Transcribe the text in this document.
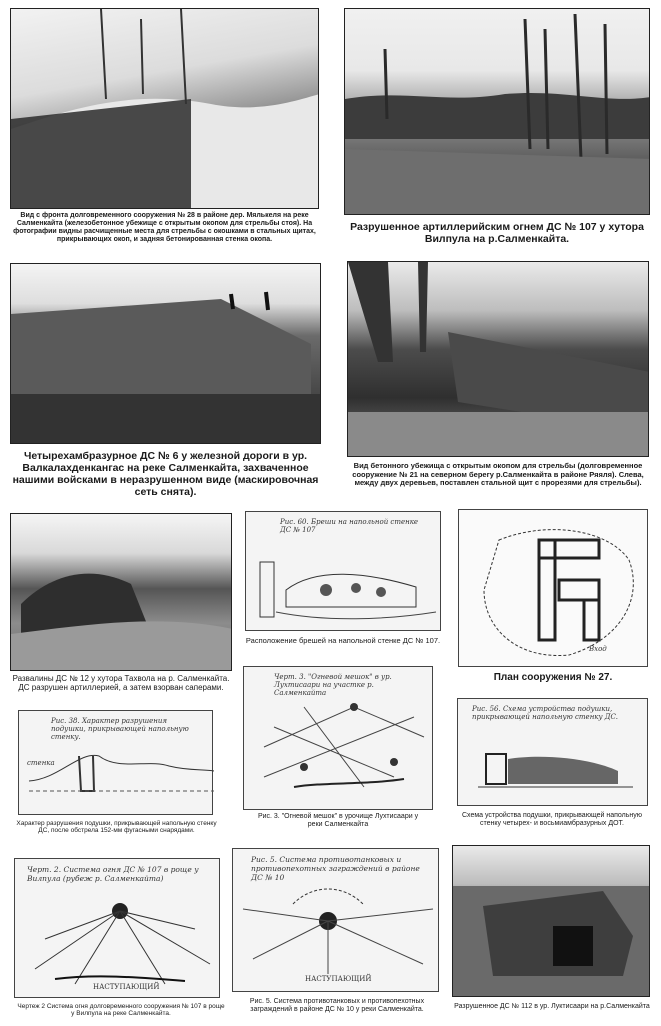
Вид с фронта долговременного сооружения № 28 в районе дер. Мялькеля на реке Салменкайта (железобетонное убежище с открытым окопом для стрельбы стоя). На фотографии видны расчищенные места для стрельбы с окошками в стальных щитах, прикрывающих окоп, и задняя бетонированная стенка окопа.
Разрушенное артиллерийским огнем ДС № 107 у хутора Вилпула на р.Салменкайта.
Четырехамбразурное ДС № 6 у железной дороги в ур. Валкалахденкангас на реке Салменкайта, захваченное нашими войсками в неразрушенном виде (маскировочная сеть снята).
Вид бетонного убежища с открытым окопом для стрельбы (долговременное сооружение № 21 на северном берегу р.Салменкайта в районе Ряяля). Слева, между двух деревьев, поставлен стальной щит с прорезями для стрельбы).
Рис. 60. Бреши на напольной стенке ДС № 107
Вход
Расположение брешей на напольной стенке ДС № 107.
План сооружения № 27.
Развалины ДС № 12 у хутора Тахвола на р. Салменкайта. ДС разрушен артиллерией, а затем взорван саперами.
Рис. 38. Характер разрушения подушки, прикрывающей напольную стенку.
стенка
Черт. 3. "Огневой мешок" в ур. Лухтисаари на участке р. Салменкайта
Рис. 56. Схема устройства подушки, прикрывающей напольную стенку ДС.
Характер разрушения подушки, прикрывающей напольную стенку ДС, после обстрела 152-мм фугасными снарядами.
Рис. 3. "Огневой мешок" в урочище Лухтисаари у реки Салменкайта
Схема устройства подушки, прикрывающей напольную стенку четырех- и восьмиамбразурных ДОТ.
Черт. 2. Система огня ДС № 107 в роще у Вилпула (рубеж р. Салменкайта)
НАСТУПАЮЩИЙ
Рис. 5. Система противотанковых и противопехотных заграждений в районе ДС № 10
НАСТУПАЮЩИЙ
Чертеж 2 Система огня долговременного сооружения № 107 в роще у Вилпула на реке Салменкайта.
Рис. 5. Система противотанковых и противопехотных заграждений в районе ДС № 10 у реки Салменкайта.	Разрушенное ДС № 112 в ур. Луктисаари на р.Салменкайта
